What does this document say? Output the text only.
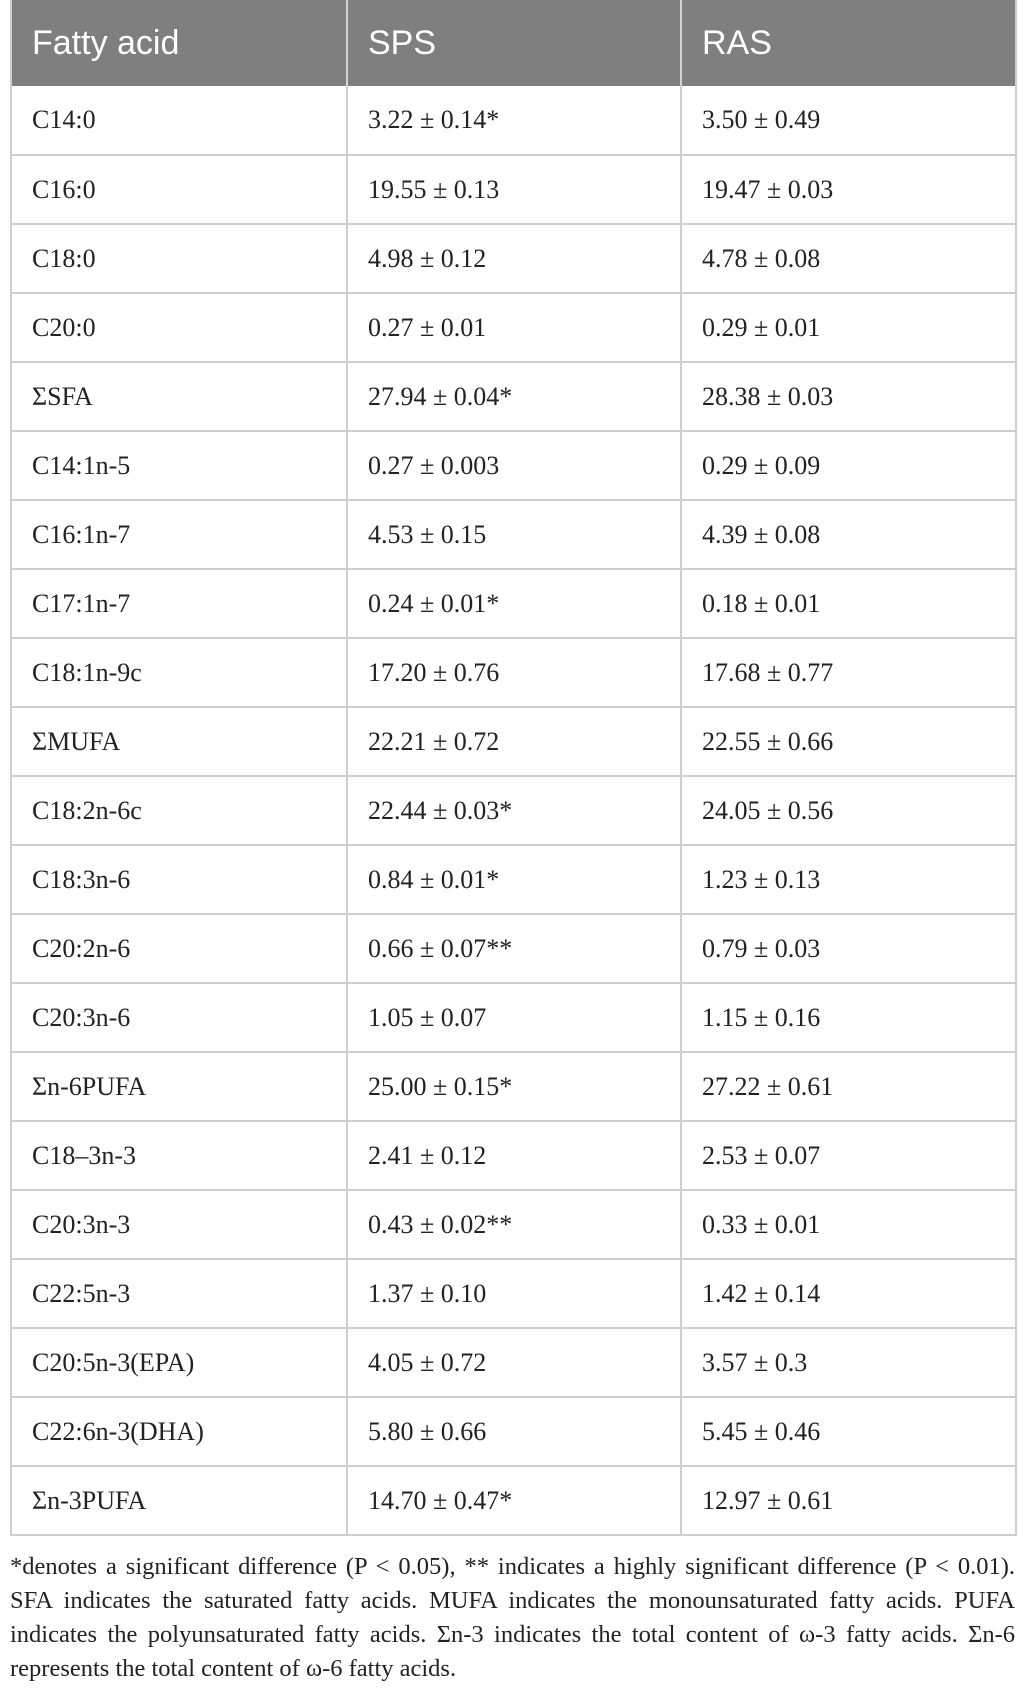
Fatty acid	SPS	RAS
C14:0	3.22 ± 0.14*	3.50 ± 0.49
C16:0	19.55 ± 0.13	19.47 ± 0.03
C18:0	4.98 ± 0.12	4.78 ± 0.08
C20:0	0.27 ± 0.01	0.29 ± 0.01
ΣSFA	27.94 ± 0.04*	28.38 ± 0.03
C14:1n-5	0.27 ± 0.003	0.29 ± 0.09
C16:1n-7	4.53 ± 0.15	4.39 ± 0.08
C17:1n-7	0.24 ± 0.01*	0.18 ± 0.01
C18:1n-9c	17.20 ± 0.76	17.68 ± 0.77
ΣMUFA	22.21 ± 0.72	22.55 ± 0.66
C18:2n-6c	22.44 ± 0.03*	24.05 ± 0.56
C18:3n-6	0.84 ± 0.01*	1.23 ± 0.13
C20:2n-6	0.66 ± 0.07**	0.79 ± 0.03
C20:3n-6	1.05 ± 0.07	1.15 ± 0.16
Σn-6PUFA	25.00 ± 0.15*	27.22 ± 0.61
C18–3n-3	2.41 ± 0.12	2.53 ± 0.07
C20:3n-3	0.43 ± 0.02**	0.33 ± 0.01
C22:5n-3	1.37 ± 0.10	1.42 ± 0.14
C20:5n-3(EPA)	4.05 ± 0.72	3.57 ± 0.3
C22:6n-3(DHA)	5.80 ± 0.66	5.45 ± 0.46
Σn-3PUFA	14.70 ± 0.47*	12.97 ± 0.61

*denotes a significant difference (P < 0.05), ** indicates a highly significant difference (P < 0.01). SFA indicates the saturated fatty acids. MUFA indicates the monounsaturated fatty acids. PUFA indicates the polyunsaturated fatty acids. Σn-3 indicates the total content of ω-3 fatty acids. Σn-6 represents the total content of ω-6 fatty acids.
